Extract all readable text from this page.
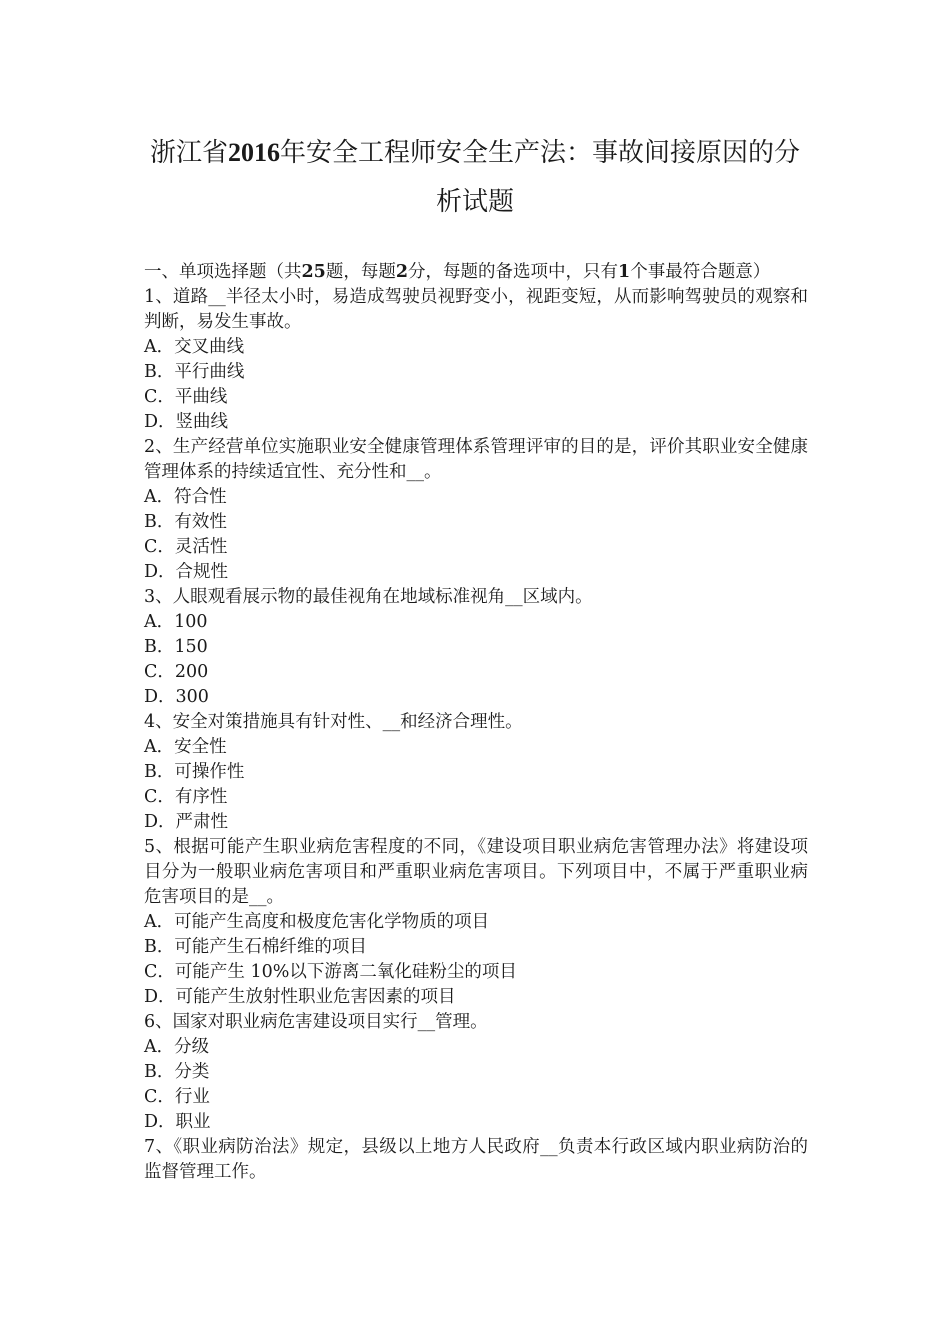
浙江省2016年安全工程师安全生产法：事故间接原因的分析试题

一、单项选择题（共25题，每题2分，每题的备选项中，只有1个事最符合题意）

1、道路__半径太小时，易造成驾驶员视野变小，视距变短，从而影响驾驶员的观察和判断，易发生事故。

A．交叉曲线

B．平行曲线

C．平曲线

D．竖曲线

2、生产经营单位实施职业安全健康管理体系管理评审的目的是，评价其职业安全健康管理体系的持续适宜性、充分性和__。

A．符合性

B．有效性

C．灵活性

D．合规性

3、人眼观看展示物的最佳视角在地域标准视角__区域内。

A．100

B．150

C．200

D．300

4、安全对策措施具有针对性、__和经济合理性。

A．安全性

B．可操作性

C．有序性

D．严肃性

5、根据可能产生职业病危害程度的不同，《建设项目职业病危害管理办法》将建设项目分为一般职业病危害项目和严重职业病危害项目。下列项目中，不属于严重职业病危害项目的是__。

A．可能产生高度和极度危害化学物质的项目

B．可能产生石棉纤维的项目

C．可能产生 10%以下游离二氧化硅粉尘的项目

D．可能产生放射性职业危害因素的项目

6、国家对职业病危害建设项目实行__管理。

A．分级

B．分类

C．行业

D．职业

7、《职业病防治法》规定，县级以上地方人民政府__负责本行政区域内职业病防治的监督管理工作。
